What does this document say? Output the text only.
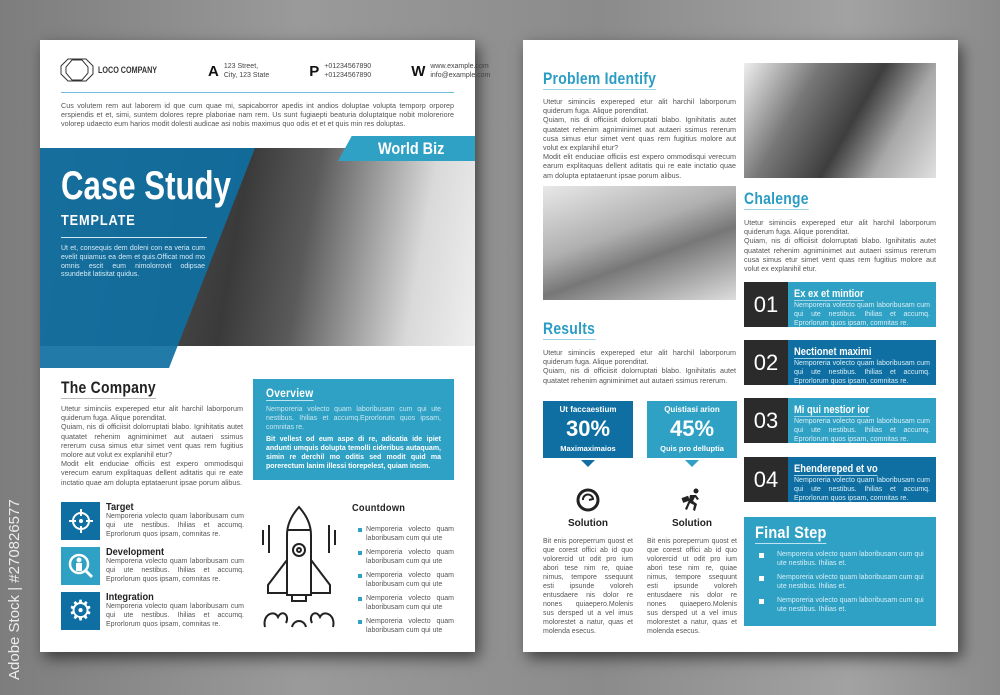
Adobe Stock | #270826577
LOCO COMPANY	A 123 Street,
City, 123 State	P +01234567890
+01234567890	W www.example.com
info@example.com
Cus volutem rem aut laborem id que cum quae mi, sapicaborror apedis int andios doluptae volupta temporp orporep erspiendis et et, simi, suntem dolores repre plaboriae nam rem. Us sunt fugiaepti beaturia doluptatque nobit moloreriore volorep udaecto eum harios modit dolesti audicae asi nobis maximus quo odis et et et quis min res doluptas.
World Biz
Case Study
TEMPLATE
Ut et, consequis dem doleni con ea veria cum evelit quiamus ea dem et quis.Officat mod mo omnis escit eum nimolorrovit odipsae ssundebit latisitat quidus.
The Company
Utetur siminciis expereped etur alit harchil laborporum quiderum fuga. Alique porenditat.
Quiam, nis di officiisit dolorruptati blabo. Ignihitatis autet quatatet rehenim agniminimet aut autaeri ssimus rererum cusa simus etur simet vent quas rem fugitius molore aut volut ex explanihil etur?
Modit elit enduciae officiis est expero ommodisqui verecum earum explitaquas dellent aditatis qui re eate inctatio quae am dolupta eptataerunt ipsae porum alibus.
Overview
Nemporeria volecto quam laboribusam cum qui ute nestibus. Ihilias et accumq.Eprorlorum quos ipsam, comnitas re.
Bit vellest od eum aspe di re, adicatia ide ipiet andunti umquis dolupta temolli cideribus autaquam, simin re derchil mo oditis sed modit quid ma porerectum lanim illessi tiorepelest, quiam incim.
Target
Nemporeria volecto quam laboribusam cum qui ute nestibus. Ihilias et accumq. Eprorlorum quos ipsam, comnitas re.
Development
Nemporeria volecto quam laboribusam cum qui ute nestibus. Ihilias et accumq. Eprorlorum quos ipsam, comnitas re.
⚙ Integration
Nemporeria volecto quam laboribusam cum qui ute nestibus. Ihilias et accumq. Eprorlorum quos ipsam, comnitas re.
Countdown
Nemporeria volecto quam laboribusam cum qui ute
Nemporeria volecto quam laboribusam cum qui ute
Nemporeria volecto quam laboribusam cum qui ute
Nemporeria volecto quam laboribusam cum qui ute
Nemporeria volecto quam laboribusam cum qui ute
Problem Identify
Utetur siminciis expereped etur alit harchil laborporum quiderum fuga. Alique porenditat.
Quiam, nis di officiisit dolorruptati blabo. Ignihitatis autet quatatet rehenim agniminimet aut autaeri ssimus rererum cusa simus etur simet vent quas rem fugitius molore aut volut ex explanihil etur?
Modit elit enduciae officiis est expero ommodisqui verecum earum explitaquas dellent aditatis qui re eate inctatio quae am dolupta eptataerunt ipsae porum alibus.
Chalenge
Utetur siminciis expereped etur alit harchil laborporum quiderum fuga. Alique porenditat.
Quiam, nis di officiisit dolorruptati blabo. Ignihitatis autet quatatet rehenim agniminimet aut autaeri ssimus rererum cusa simus etur simet vent quas rem fugitius molore aut volut ex explanihil etur.
01	Ex ex et mintior
Nemporeria volecto quam laboribusam cum qui ute nestibus. Ihilias et accumq. Eprorlorum quos ipsam, comnitas re.
02	Nectionet maximi
Nemporeria volecto quam laboribusam cum qui ute nestibus. Ihilias et accumq. Eprorlorum quos ipsam, comnitas re.
03	Mi qui nestior ior
Nemporeria volecto quam laboribusam cum qui ute nestibus. Ihilias et accumq. Eprorlorum quos ipsam, comnitas re.
04	Ehendereped et vo
Nemporeria volecto quam laboribusam cum qui ute nestibus. Ihilias et accumq. Eprorlorum quos ipsam, comnitas re.
Results
Utetur siminciis expereped etur alit harchil laborporum quiderum fuga. Alique porenditat.
Quiam, nis di officiisit dolorruptati blabo. Ignihitatis autet quatatet rehenim agniminimet aut autaeri ssimus rererum.
Ut faccaestium
30%
Maximaximaios
Quistiasi arion
45%
Quis pro delluptia
Solution	Solution
Bit enis poreperrum quost et que corest offici ab id quo volorercid ut odit pro ium abori tese nim re, quiae nimus, tempore ssequunt esti ipsunde voloreh entusdaere nis dolor re nones quiaepero.Molenis sus dersped ut a vel imus molorestet a natur, quas et molenda esecus.
Bit enis poreperrum quost et que corest offici ab id quo volorercid ut odit pro ium abori tese nim re, quiae nimus, tempore ssequunt esti ipsunde voloreh entusdaere nis dolor re nones quiaepero.Molenis sus dersped ut a vel imus molorestet a natur, quas et molenda esecus.
Final Step
Nemporeria volecto quam laboribusam cum qui ute nestibus. Ihilias et.
Nemporeria volecto quam laboribusam cum qui ute nestibus. Ihilias et.
Nemporeria volecto quam laboribusam cum qui ute nestibus. Ihilias et.
